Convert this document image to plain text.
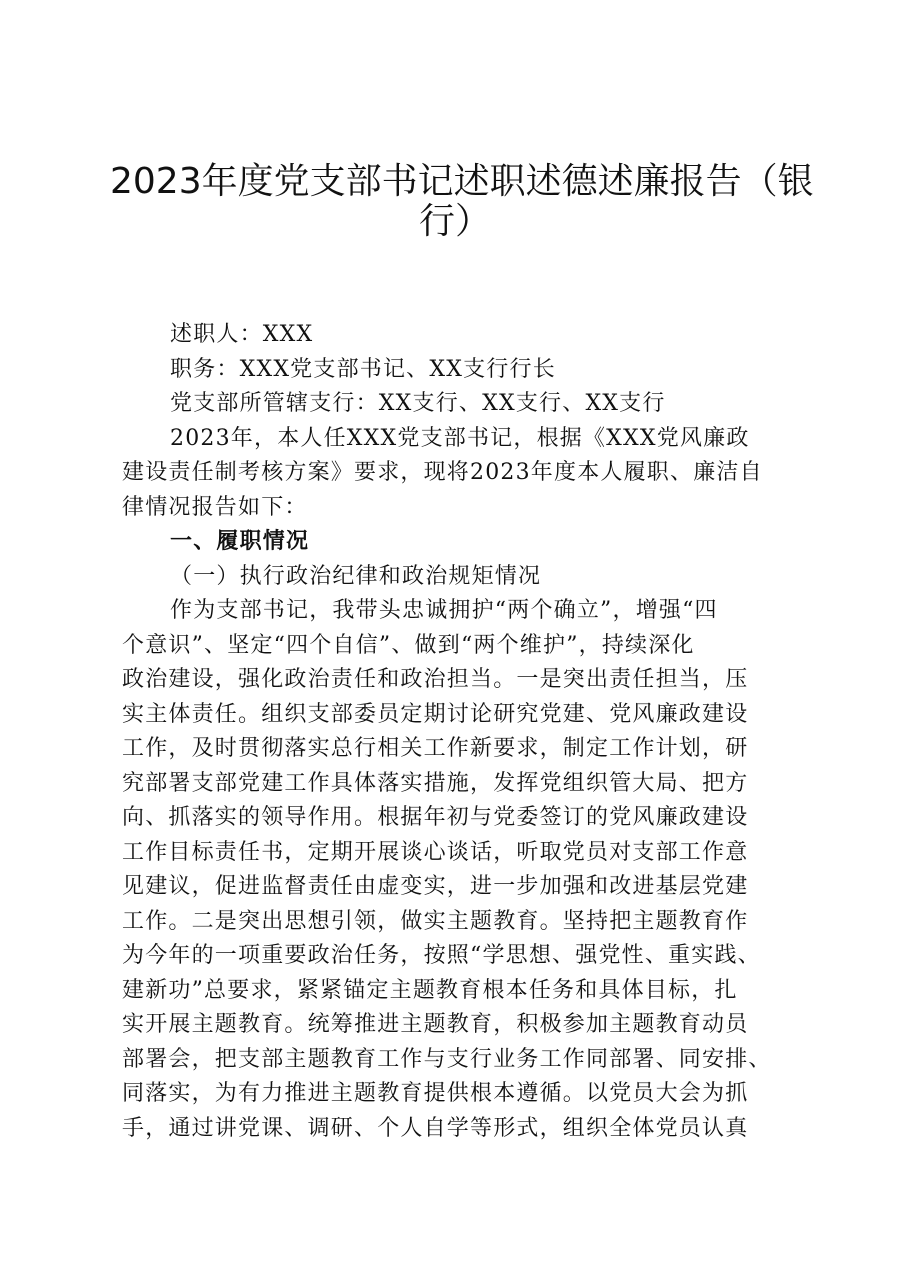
2023年度党支部书记述职述德述廉报告（银
行）
述职人：XXX
职务：XXX党支部书记、XX支行行长
党支部所管辖支行：XX支行、XX支行、XX支行
2023年，本人任XXX党支部书记，根据《XXX党风廉政
建设责任制考核方案》要求，现将2023年度本人履职、廉洁自
律情况报告如下：
一、履职情况
（一）执行政治纪律和政治规矩情况
作为支部书记，我带头忠诚拥护“两个确立”，增强“四
个意识”、坚定“四个自信”、做到“两个维护”，持续深化
政治建设，强化政治责任和政治担当。一是突出责任担当，压
实主体责任。组织支部委员定期讨论研究党建、党风廉政建设
工作，及时贯彻落实总行相关工作新要求，制定工作计划，研
究部署支部党建工作具体落实措施，发挥党组织管大局、把方
向、抓落实的领导作用。根据年初与党委签订的党风廉政建设
工作目标责任书，定期开展谈心谈话，听取党员对支部工作意
见建议，促进监督责任由虚变实，进一步加强和改进基层党建
工作。二是突出思想引领，做实主题教育。坚持把主题教育作
为今年的一项重要政治任务，按照“学思想、强党性、重实践、
建新功”总要求，紧紧锚定主题教育根本任务和具体目标，扎
实开展主题教育。统筹推进主题教育，积极参加主题教育动员
部署会，把支部主题教育工作与支行业务工作同部署、同安排、
同落实，为有力推进主题教育提供根本遵循。以党员大会为抓
手，通过讲党课、调研、个人自学等形式，组织全体党员认真
